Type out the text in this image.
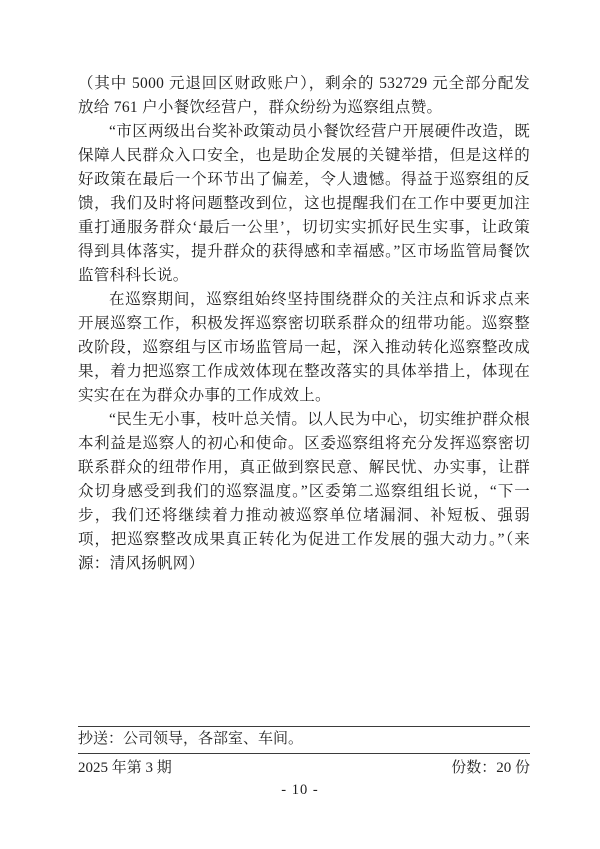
（其中 5000 元退回区财政账户），剩余的 532729 元全部分配发放给 761 户小餐饮经营户，群众纷纷为巡察组点赞。

“市区两级出台奖补政策动员小餐饮经营户开展硬件改造，既保障人民群众入口安全，也是助企发展的关键举措，但是这样的好政策在最后一个环节出了偏差，令人遗憾。得益于巡察组的反馈，我们及时将问题整改到位，这也提醒我们在工作中要更加注重打通服务群众‘最后一公里’，切切实实抓好民生实事，让政策得到具体落实，提升群众的获得感和幸福感。”区市场监管局餐饮监管科科长说。

在巡察期间，巡察组始终坚持围绕群众的关注点和诉求点来开展巡察工作，积极发挥巡察密切联系群众的纽带功能。巡察整改阶段，巡察组与区市场监管局一起，深入推动转化巡察整改成果，着力把巡察工作成效体现在整改落实的具体举措上，体现在实实在在为群众办事的工作成效上。

“民生无小事，枝叶总关情。以人民为中心，切实维护群众根本利益是巡察人的初心和使命。区委巡察组将充分发挥巡察密切联系群众的纽带作用，真正做到察民意、解民忧、办实事，让群众切身感受到我们的巡察温度。”区委第二巡察组组长说，“下一步，我们还将继续着力推动被巡察单位堵漏洞、补短板、强弱项，把巡察整改成果真正转化为促进工作发展的强大动力。”（来源：清风扬帆网）

抄送：公司领导，各部室、车间。
2025 年第 3 期	份数：20 份
- 10 -
